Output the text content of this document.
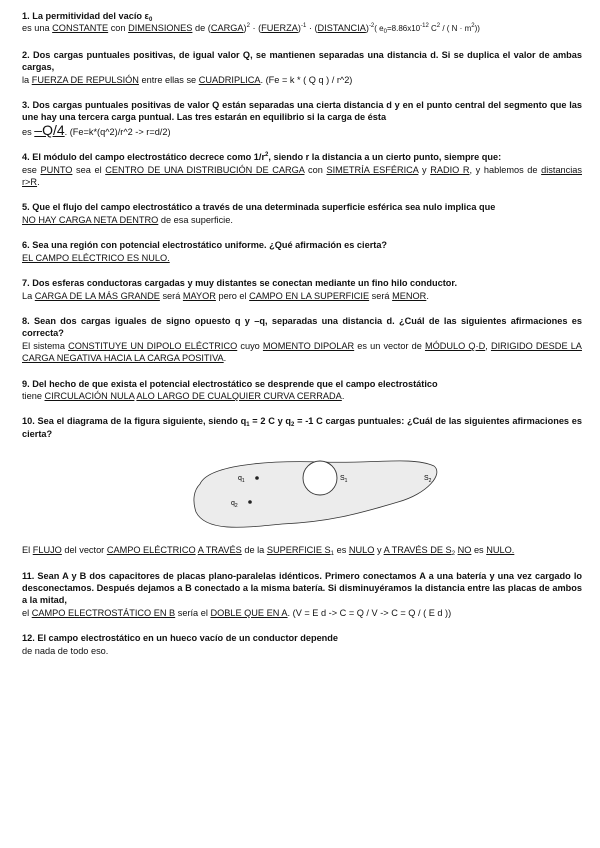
1. La permitividad del vacío $\varepsilon_0$
es una CONSTANTE con DIMENSIONES de (CARGA)$^2$ · (FUERZA)$^{-1}$ · (DISTANCIA)$^{-2}$( $e_0=8.86x10^{-12}$ $C^2$ / ( $N \cdot m^2$))
2. Dos cargas puntuales positivas, de igual valor Q, se mantienen separadas una distancia d. Si se duplica el valor de ambas cargas,
la FUERZA DE REPULSIÓN entre ellas se CUADRIPLICA. (Fe = k * ( Q q ) / r^2)
3. Dos cargas puntuales positivas de valor Q están separadas una cierta distancia d y en el punto central del segmento que las une hay una tercera carga puntual. Las tres estarán en equilibrio si la carga de ésta
es –Q/4. (Fe=k*(q^2)/r^2 -> r=d/2)
4. El módulo del campo electrostático decrece como $1/r^2$, siendo r la distancia a un cierto punto, siempre que:
ese PUNTO sea el CENTRO DE UNA DISTRIBUCIÓN DE CARGA con SIMETRÍA ESFÉRICA y RADIO R, y hablemos de distancias r>R.
5. Que el flujo del campo electrostático a través de una determinada superficie esférica sea nulo implica que
NO HAY CARGA NETA DENTRO de esa superficie.
6. Sea una región con potencial electrostático uniforme. ¿Qué afirmación es cierta?
EL CAMPO ELÉCTRICO ES NULO.
7. Dos esferas conductoras cargadas y muy distantes se conectan mediante un fino hilo conductor.
La CARGA DE LA MÁS GRANDE será MAYOR pero el CAMPO EN LA SUPERFICIE será MENOR.
8. Sean dos cargas iguales de signo opuesto q y –q, separadas una distancia d. ¿Cuál de las siguientes afirmaciones es correcta?
El sistema CONSTITUYE UN DIPOLO ELÉCTRICO cuyo MOMENTO DIPOLAR es un vector de MÓDULO Q·D, DIRIGIDO DESDE LA CARGA NEGATIVA HACIA LA CARGA POSITIVA.
9. Del hecho de que exista el potencial electrostático se desprende que el campo electrostático
tiene CIRCULACIÓN NULA ALO LARGO DE CUALQUIER CURVA CERRADA.
10. Sea el diagrama de la figura siguiente, siendo $q_1 = 2$ C y $q_2 = -1$ C cargas puntuales: ¿Cuál de las siguientes afirmaciones es cierta?
$q_1$
$q_2$
$S_1$	$S_2$
El FLUJO del vector CAMPO ELÉCTRICO A TRAVÉS de la SUPERFICIE $S_1$ es NULO y A TRAVÉS DE $S_2$ NO es NULO.
11. Sean A y B dos capacitores de placas plano-paralelas idénticos. Primero conectamos A a una batería y una vez cargado lo desconectamos. Después dejamos a B conectado a la misma batería. Si disminuyéramos la distancia entre las placas de ambos a la mitad,
el CAMPO ELECTROSTÁTICO EN B sería el DOBLE QUE EN A. (V = E d -> C = Q / V -> C = Q / ( E d ))
12. El campo electrostático en un hueco vacío de un conductor depende
de nada de todo eso.
